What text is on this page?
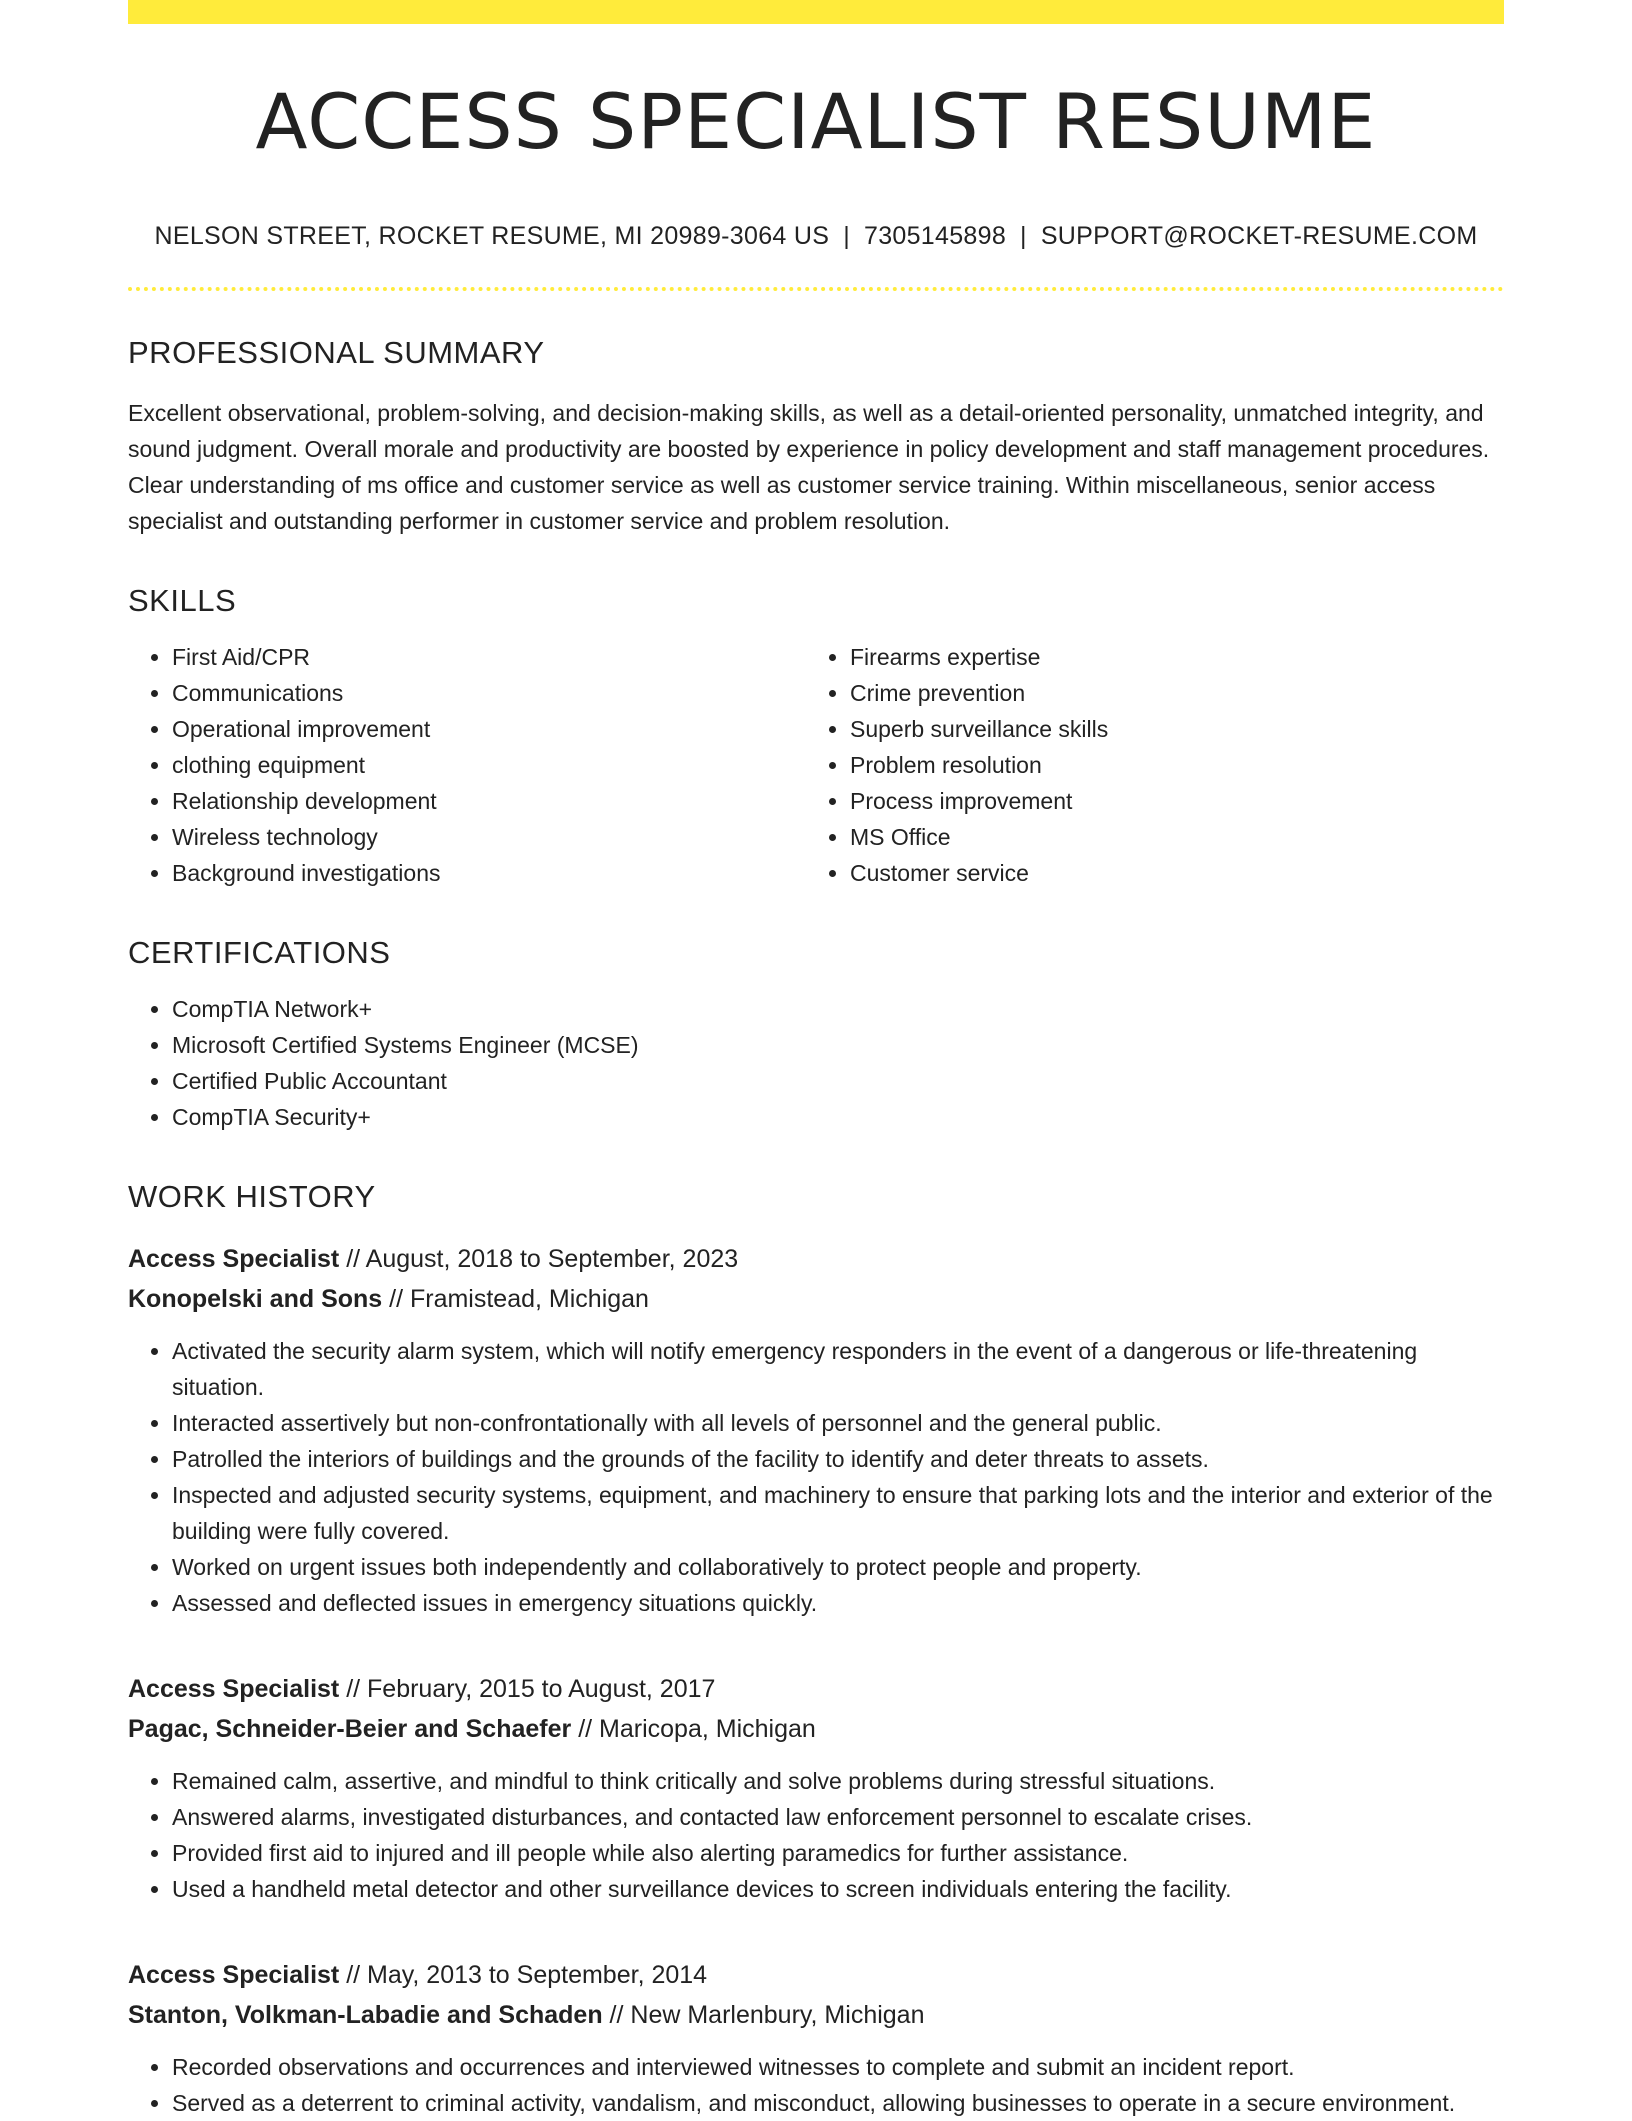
ACCESS SPECIALIST RESUME
NELSON STREET, ROCKET RESUME, MI 20989-3064 US | 7305145898 | SUPPORT@ROCKET-RESUME.COM
PROFESSIONAL SUMMARY

Excellent observational, problem-solving, and decision-making skills, as well as a detail-oriented personality, unmatched integrity, and sound judgment. Overall morale and productivity are boosted by experience in policy development and staff management procedures. Clear understanding of ms office and customer service as well as customer service training. Within miscellaneous, senior access specialist and outstanding performer in customer service and problem resolution.

SKILLS
• First Aid/CPR
• Communications
• Operational improvement
• clothing equipment
• Relationship development
• Wireless technology
• Background investigations
• Firearms expertise
• Crime prevention
• Superb surveillance skills
• Problem resolution
• Process improvement
• MS Office
• Customer service
CERTIFICATIONS
• CompTIA Network+
• Microsoft Certified Systems Engineer (MCSE)
• Certified Public Accountant
• CompTIA Security+
WORK HISTORY
Access Specialist // August, 2018 to September, 2023
Konopelski and Sons // Framistead, Michigan
• Activated the security alarm system, which will notify emergency responders in the event of a dangerous or life-threatening situation.
• Interacted assertively but non-confrontationally with all levels of personnel and the general public.
• Patrolled the interiors of buildings and the grounds of the facility to identify and deter threats to assets.
• Inspected and adjusted security systems, equipment, and machinery to ensure that parking lots and the interior and exterior of the building were fully covered.
• Worked on urgent issues both independently and collaboratively to protect people and property.
• Assessed and deflected issues in emergency situations quickly.
Access Specialist // February, 2015 to August, 2017
Pagac, Schneider-Beier and Schaefer // Maricopa, Michigan
• Remained calm, assertive, and mindful to think critically and solve problems during stressful situations.
• Answered alarms, investigated disturbances, and contacted law enforcement personnel to escalate crises.
• Provided first aid to injured and ill people while also alerting paramedics for further assistance.
• Used a handheld metal detector and other surveillance devices to screen individuals entering the facility.
Access Specialist // May, 2013 to September, 2014
Stanton, Volkman-Labadie and Schaden // New Marlenbury, Michigan
• Recorded observations and occurrences and interviewed witnesses to complete and submit an incident report.
• Served as a deterrent to criminal activity, vandalism, and misconduct, allowing businesses to operate in a secure environment.
